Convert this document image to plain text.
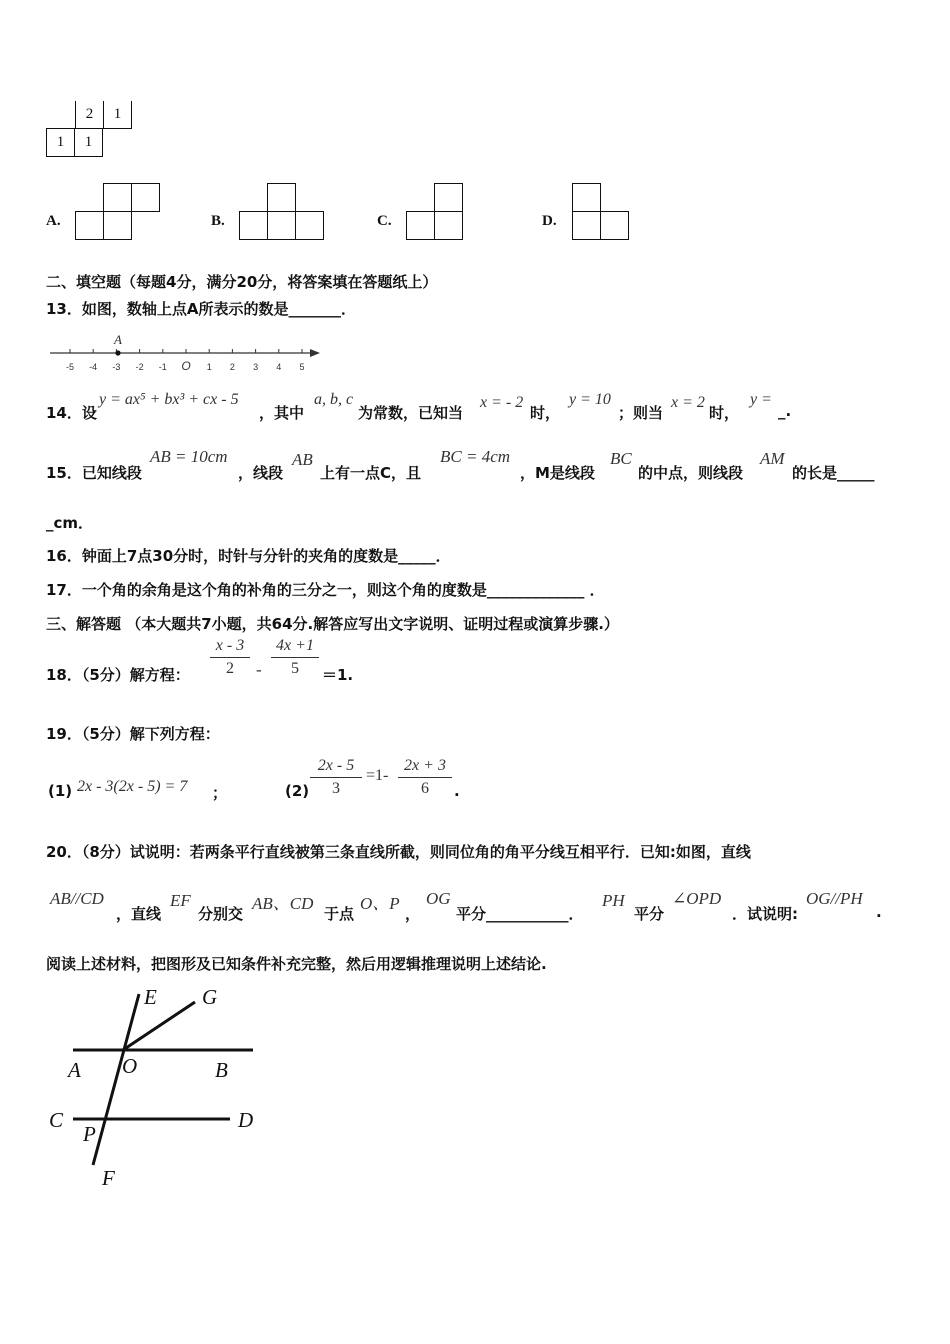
2	1
1	1
A.	B.	C.	D.
二、填空题（每题4分，满分20分，将答案填在答题纸上）
13．如图，数轴上点A所表示的数是_______．
-5 -4 -3 -2 -1 O 1 2 3 4 5
A
14．设
y = ax⁵ + bx³ + cx - 5
，其中
a, b, c
为常数，已知当
x = - 2
时，
y = 10
；则当
x = 2
时，
y =
_.
15．已知线段
AB = 10cm
，线段
AB
上有一点C，且
BC = 4cm
，M是线段
BC
的中点，则线段
AM
的长是_____
_cm．
16．钟面上7点30分时，时针与分针的夹角的度数是_____．
17．一个角的余角是这个角的补角的三分之一，则这个角的度数是_____________ ．
三、解答题 （本大题共7小题，共64分.解答应写出文字说明、证明过程或演算步骤.）
18．（5分）解方程：
x - 3
2	-
4x +1
5	＝1.
19．（5分）解下列方程：
(1) 2x - 3(2x - 5) = 7 ；	(2)
2x - 5
3
=1-
2x + 3
6	.
20．（8分）试说明：若两条平行直线被第三条直线所截，则同位角的角平分线互相平行．已知:如图，直线
AB//CD
，直线
EF
分别交
AB、CD
于点
O、P
，
OG
平分___________．
PH
平分
∠OPD
．试说明:
OG//PH
.
阅读上述材料，把图形及已知条件补充完整，然后用逻辑推理说明上述结论.
E G
A O	B
C
P
D
F
